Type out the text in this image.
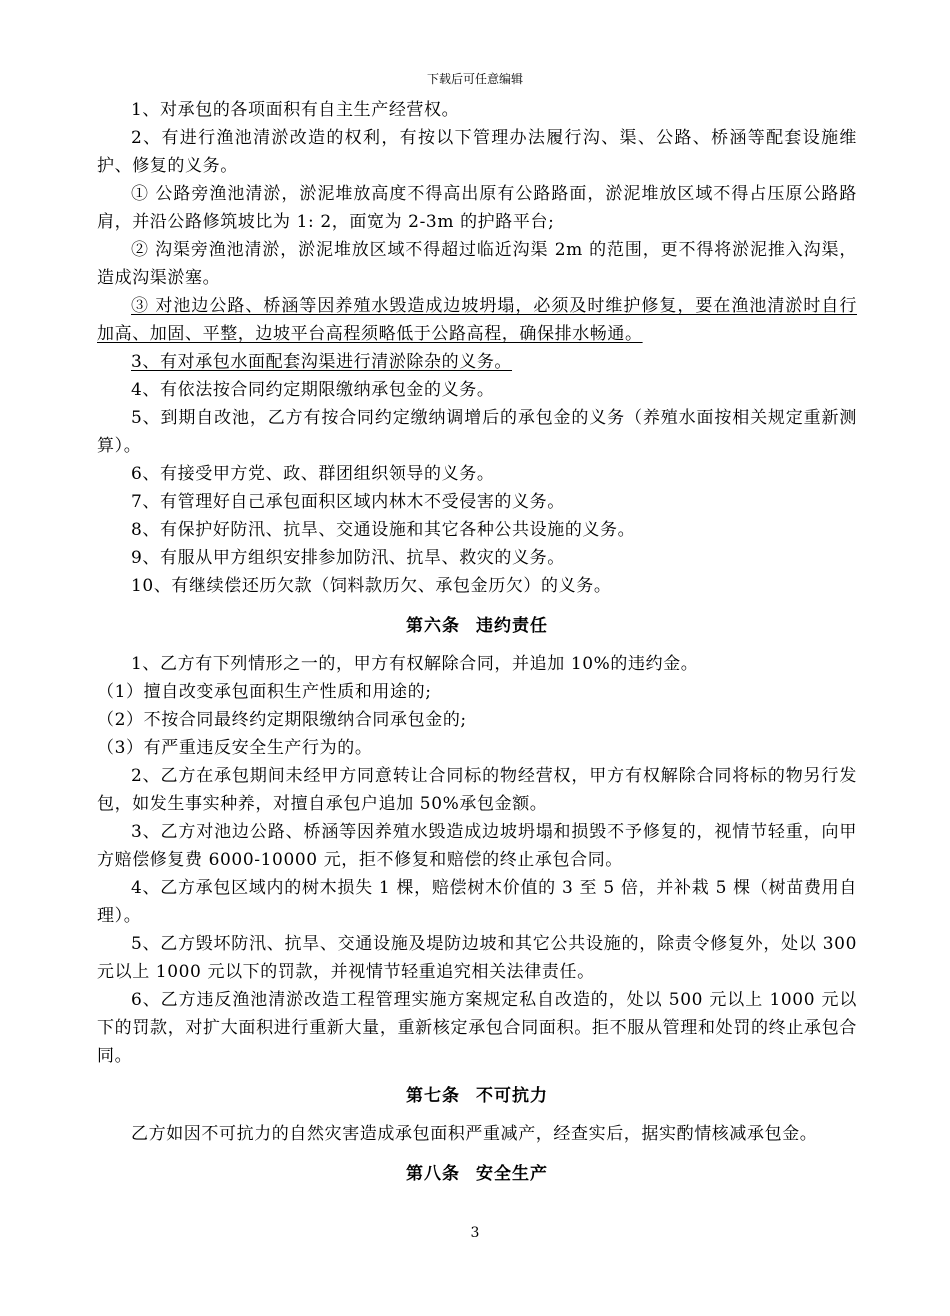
下载后可任意编辑

1、对承包的各项面积有自主生产经营权。

2、有进行渔池清淤改造的权利，有按以下管理办法履行沟、渠、公路、桥涵等配套设施维护、修复的义务。

① 公路旁渔池清淤，淤泥堆放高度不得高出原有公路路面，淤泥堆放区域不得占压原公路路肩，并沿公路修筑坡比为 1: 2，面宽为 2-3m 的护路平台;

② 沟渠旁渔池清淤，淤泥堆放区域不得超过临近沟渠 2m 的范围，更不得将淤泥推入沟渠，造成沟渠淤塞。

③ 对池边公路、桥涵等因养殖水毁造成边坡坍塌，必须及时维护修复，要在渔池清淤时自行加高、加固、平整，边坡平台高程须略低于公路高程，确保排水畅通。

3、有对承包水面配套沟渠进行清淤除杂的义务。

4、有依法按合同约定期限缴纳承包金的义务。

5、到期自改池，乙方有按合同约定缴纳调增后的承包金的义务（养殖水面按相关规定重新测算）。

6、有接受甲方党、政、群团组织领导的义务。

7、有管理好自己承包面积区域内林木不受侵害的义务。

8、有保护好防汛、抗旱、交通设施和其它各种公共设施的义务。

9、有服从甲方组织安排参加防汛、抗旱、救灾的义务。

10、有继续偿还历欠款（饲料款历欠、承包金历欠）的义务。

第六条 违约责任

1、乙方有下列情形之一的，甲方有权解除合同，并追加 10%的违约金。

（1）擅自改变承包面积生产性质和用途的;

（2）不按合同最终约定期限缴纳合同承包金的;

（3）有严重违反安全生产行为的。

2、乙方在承包期间未经甲方同意转让合同标的物经营权，甲方有权解除合同将标的物另行发包，如发生事实种养，对擅自承包户追加 50%承包金额。

3、乙方对池边公路、桥涵等因养殖水毁造成边坡坍塌和损毁不予修复的，视情节轻重，向甲方赔偿修复费 6000-10000 元，拒不修复和赔偿的终止承包合同。

4、乙方承包区域内的树木损失 1 棵，赔偿树木价值的 3 至 5 倍，并补栽 5 棵（树苗费用自理）。

5、乙方毁坏防汛、抗旱、交通设施及堤防边坡和其它公共设施的，除责令修复外，处以 300 元以上 1000 元以下的罚款，并视情节轻重追究相关法律责任。

6、乙方违反渔池清淤改造工程管理实施方案规定私自改造的，处以 500 元以上 1000 元以下的罚款，对扩大面积进行重新大量，重新核定承包合同面积。拒不服从管理和处罚的终止承包合同。

第七条 不可抗力

乙方如因不可抗力的自然灾害造成承包面积严重减产，经查实后，据实酌情核减承包金。

第八条 安全生产
3
